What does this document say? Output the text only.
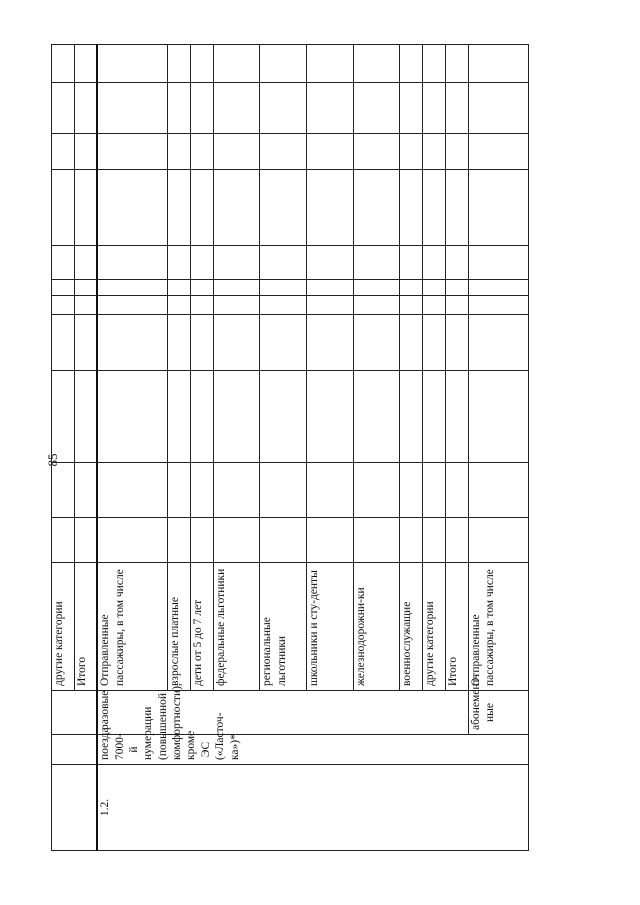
85
			другие категории											
			Итого											
1.2.	поезда 7000-й нумерации (повышенной комфортности), кроме ЭС («Ласточ-ка»)*	разовые	Отправленные пассажиры, в том числе											
			взрослые платные											
			дети от 5 до 7 лет											
			федеральные льготники											
			региональные льготники											
			школьники и сту-денты											
			железнодорожни-ки											
			военнослужащие											
			другие категории											
			Итого											
		абонемент-ные	Отправленные пассажиры, в том числе											
